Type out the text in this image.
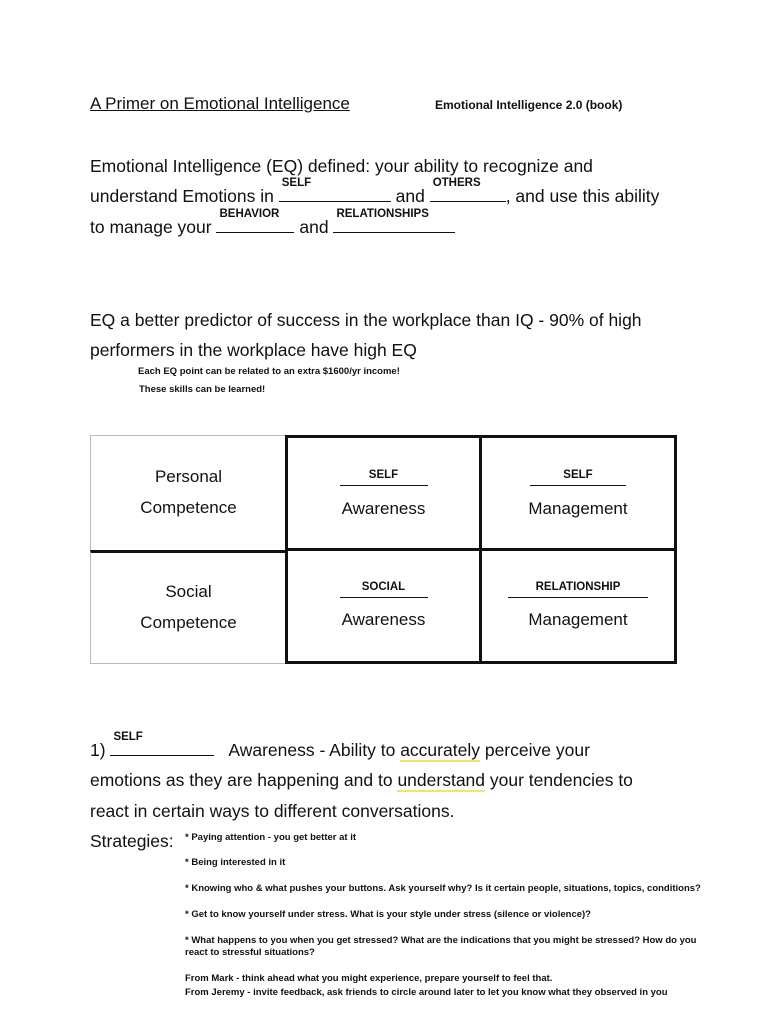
A Primer on Emotional Intelligence	Emotional Intelligence 2.0 (book)
Emotional Intelligence (EQ) defined: your ability to recognize and
understand Emotions in
SELF
and
OTHERS
, and use this ability
to manage your
BEHAVIOR
and
RELATIONSHIPS
EQ a better predictor of success in the workplace than IQ - 90% of high
performers in the workplace have high EQ
Each EQ point can be related to an extra $1600/yr income!
These skills can be learned!
Personal
Competence
Social
Competence
SELF
Awareness
SELF
Management
SOCIAL
Awareness
RELATIONSHIP
Management
1)
SELF
Awareness - Ability to accurately perceive your
emotions as they are happening and to understand your tendencies to
react in certain ways to different conversations.
Strategies: * Paying attention - you get better at it
* Being interested in it
* Knowing who & what pushes your buttons. Ask yourself why? Is it certain people, situations, topics, conditions?
* Get to know yourself under stress. What is your style under stress (silence or violence)?
* What happens to you when you get stressed? What are the indications that you might be stressed? How do you
react to stressful situations?
From Mark - think ahead what you might experience, prepare yourself to feel that.
From Jeremy - invite feedback, ask friends to circle around later to let you know what they observed in you
